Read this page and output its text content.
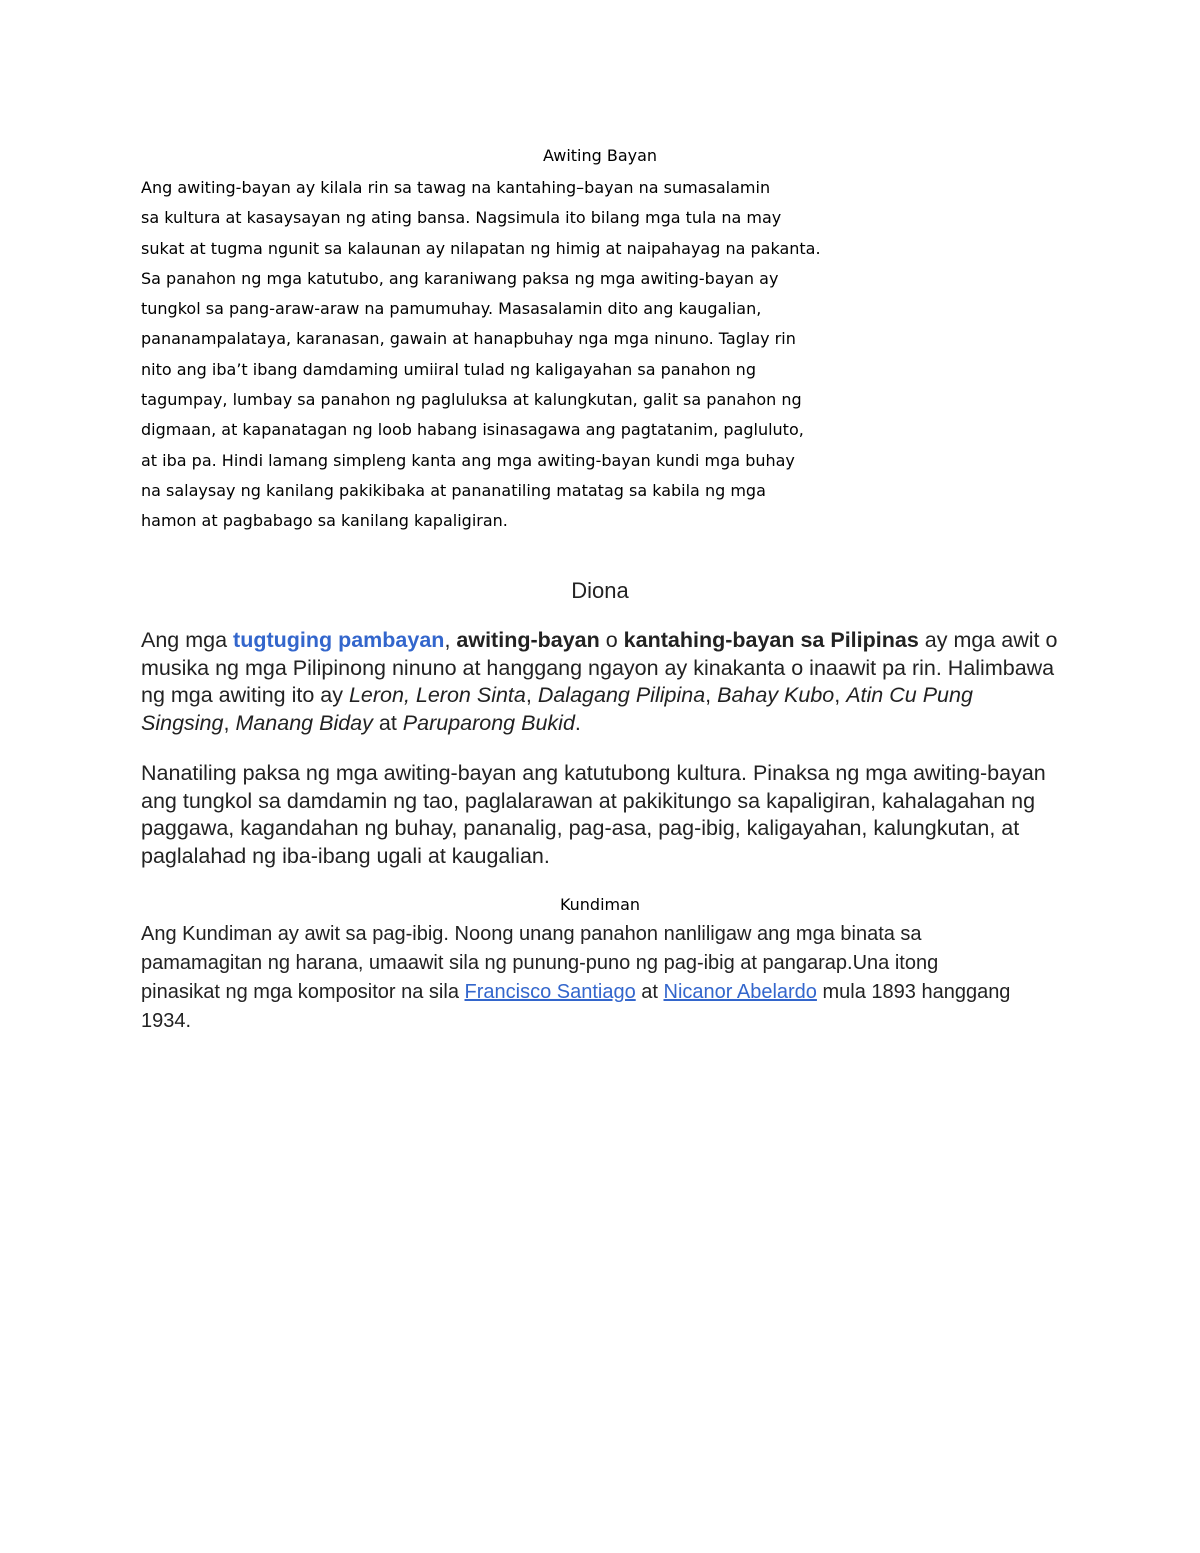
Awiting Bayan
Ang awiting-bayan ay kilala rin sa tawag na kantahing–bayan na sumasalamin
sa kultura at kasaysayan ng ating bansa. Nagsimula ito bilang mga tula na may
sukat at tugma ngunit sa kalaunan ay nilapatan ng himig at naipahayag na pakanta.
Sa panahon ng mga katutubo, ang karaniwang paksa ng mga awiting-bayan ay
tungkol sa pang-araw-araw na pamumuhay. Masasalamin dito ang kaugalian,
pananampalataya, karanasan, gawain at hanapbuhay nga mga ninuno. Taglay rin
nito ang iba’t ibang damdaming umiiral tulad ng kaligayahan sa panahon ng
tagumpay, lumbay sa panahon ng pagluluksa at kalungkutan, galit sa panahon ng
digmaan, at kapanatagan ng loob habang isinasagawa ang pagtatanim, pagluluto,
at iba pa. Hindi lamang simpleng kanta ang mga awiting-bayan kundi mga buhay
na salaysay ng kanilang pakikibaka at pananatiling matatag sa kabila ng mga
hamon at pagbabago sa kanilang kapaligiran.
Diona

Ang mga tugtuging pambayan, awiting-bayan o kantahing-bayan sa Pilipinas ay mga awit o musika ng mga Pilipinong ninuno at hanggang ngayon ay kinakanta o inaawit pa rin. Halimbawa ng mga awiting ito ay Leron, Leron Sinta, Dalagang Pilipina, Bahay Kubo, Atin Cu Pung Singsing, Manang Biday at Paruparong Bukid.

Nanatiling paksa ng mga awiting-bayan ang katutubong kultura. Pinaksa ng mga awiting-bayan ang tungkol sa damdamin ng tao, paglalarawan at pakikitungo sa kapaligiran, kahalagahan ng paggawa, kagandahan ng buhay, pananalig, pag-asa, pag-ibig, kaligayahan, kalungkutan, at paglalahad ng iba-ibang ugali at kaugalian.

Kundiman

Ang Kundiman ay awit sa pag-ibig. Noong unang panahon nanliligaw ang mga binata sa pamamagitan ng harana, umaawit sila ng punung-puno ng pag-ibig at pangarap.Una itong pinasikat ng mga kompositor na sila Francisco Santiago at Nicanor Abelardo mula 1893 hanggang 1934.
